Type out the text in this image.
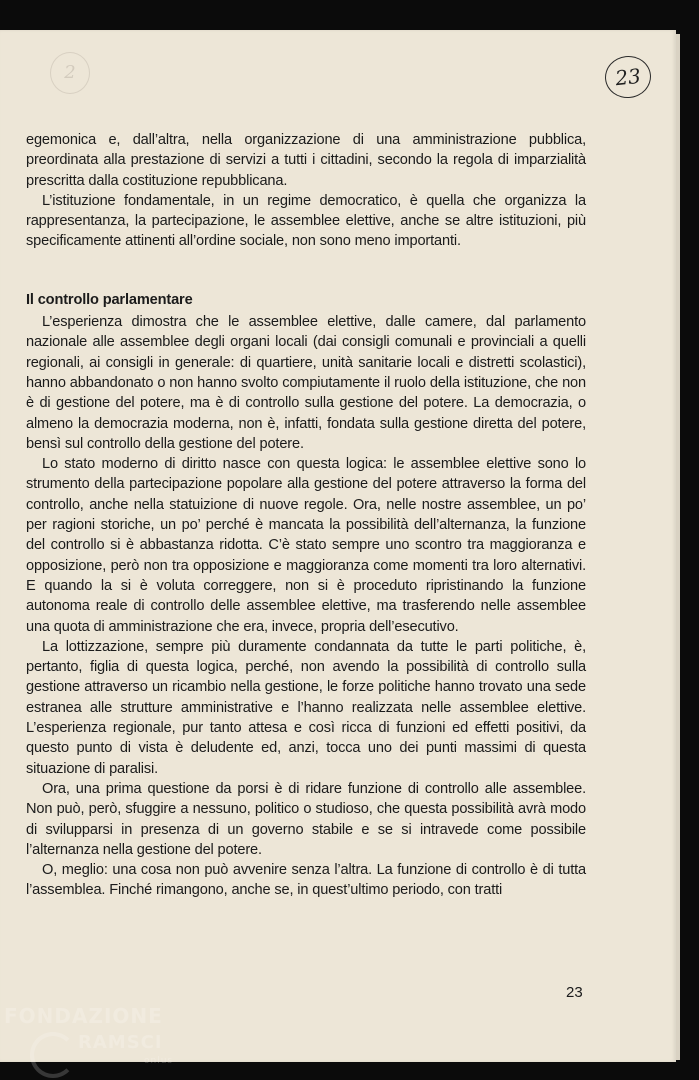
2	23

egemonica e, dall’altra, nella organizzazione di una amministrazione pubblica, preordinata alla prestazione di servizi a tutti i cittadini, secondo la regola di imparzialità prescritta dalla costituzione repubblicana.

L’istituzione fondamentale, in un regime democratico, è quella che organizza la rappresentanza, la partecipazione, le assemblee elettive, anche se altre istituzioni, più specificamente attinenti all’ordine sociale, non sono meno importanti.

Il controllo parlamentare

L’esperienza dimostra che le assemblee elettive, dalle camere, dal parlamento nazionale alle assemblee degli organi locali (dai consigli comunali e provinciali a quelli regionali, ai consigli in generale: di quartiere, unità sanitarie locali e distretti scolastici), hanno abbandonato o non hanno svolto compiutamente il ruolo della istituzione, che non è di gestione del potere, ma è di controllo sulla gestione del potere. La democrazia, o almeno la democrazia moderna, non è, infatti, fondata sulla gestione diretta del potere, bensì sul controllo della gestione del potere.

Lo stato moderno di diritto nasce con questa logica: le assemblee elettive sono lo strumento della partecipazione popolare alla gestione del potere attraverso la forma del controllo, anche nella statuizione di nuove regole. Ora, nelle nostre assemblee, un po’ per ragioni storiche, un po’ perché è mancata la possibilità dell’alternanza, la funzione del controllo si è abbastanza ridotta. C’è stato sempre uno scontro tra maggioranza e opposizione, però non tra opposizione e maggioranza come momenti tra loro alternativi. E quando la si è voluta correggere, non si è proceduto ripristinando la funzione autonoma reale di controllo delle assemblee elettive, ma trasferendo nelle assemblee una quota di amministrazione che era, invece, propria dell’esecutivo.

La lottizzazione, sempre più duramente condannata da tutte le parti politiche, è, pertanto, figlia di questa logica, perché, non avendo la possibilità di controllo sulla gestione attraverso un ricambio nella gestione, le forze politiche hanno trovato una sede estranea alle strutture amministrative e l’hanno realizzata nelle assemblee elettive. L’esperienza regionale, pur tanto attesa e così ricca di funzioni ed effetti positivi, da questo punto di vista è deludente ed, anzi, tocca uno dei punti massimi di questa situazione di paralisi.

Ora, una prima questione da porsi è di ridare funzione di controllo alle assemblee. Non può, però, sfuggire a nessuno, politico o studioso, che questa possibilità avrà modo di svilupparsi in presenza di un governo stabile e se si intravede come possibile l’alternanza nella gestione del potere.

O, meglio: una cosa non può avvenire senza l’altra. La funzione di controllo è di tutta l’assemblea. Finché rimangono, anche se, in quest’ultimo periodo, con tratti

23
FONDAZIONE
RAMSCI
onlus
